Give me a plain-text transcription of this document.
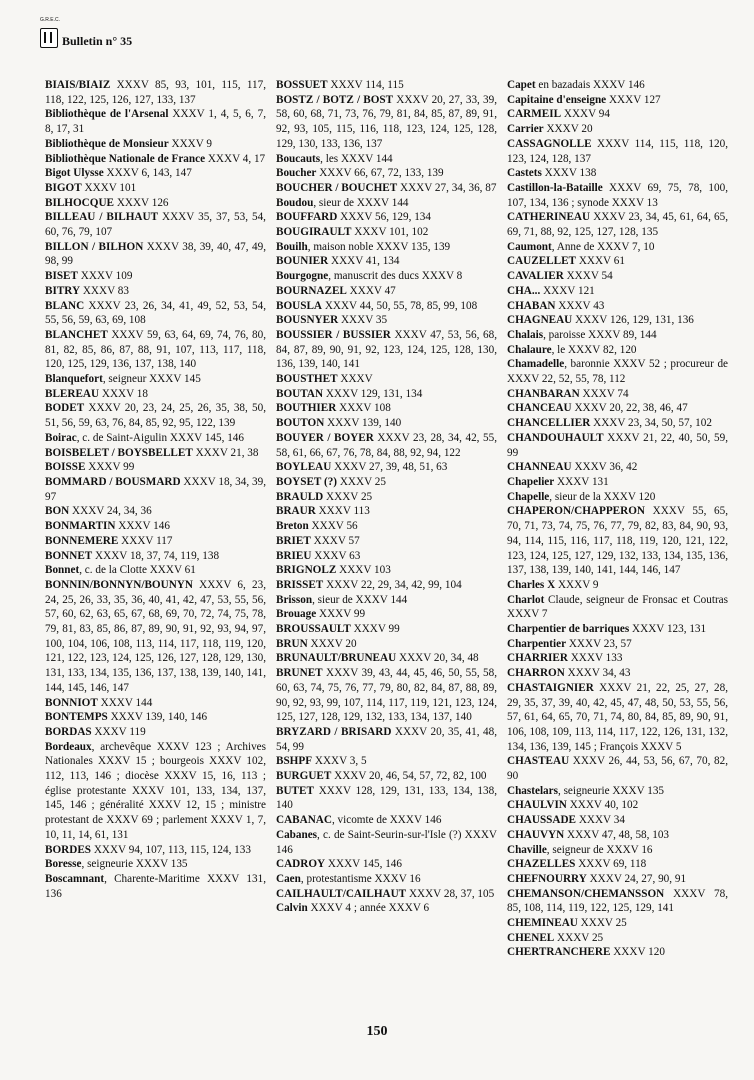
G.R.E.C.
Bulletin n° 35

BIAIS/BIAIZ XXXV 85, 93, 101, 115, 117, 118, 122, 125, 126, 127, 133, 137

Bibliothèque de l'Arsenal XXXV 1, 4, 5, 6, 7, 8, 17, 31

Bibliothèque de Monsieur XXXV 9

Bibliothèque Nationale de France XXXV 4, 17

Bigot Ulysse XXXV 6, 143, 147

BIGOT XXXV 101

BILHOCQUE XXXV 126

BILLEAU / BILHAUT XXXV 35, 37, 53, 54, 60, 76, 79, 107

BILLON / BILHON XXXV 38, 39, 40, 47, 49, 98, 99

BISET XXXV 109

BITRY XXXV 83

BLANC XXXV 23, 26, 34, 41, 49, 52, 53, 54, 55, 56, 59, 63, 69, 108

BLANCHET XXXV 59, 63, 64, 69, 74, 76, 80, 81, 82, 85, 86, 87, 88, 91, 107, 113, 117, 118, 120, 125, 129, 136, 137, 138, 140

Blanquefort, seigneur XXXV 145

BLEREAU XXXV 18

BODET XXXV 20, 23, 24, 25, 26, 35, 38, 50, 51, 56, 59, 63, 76, 84, 85, 92, 95, 122, 139

Boirac, c. de Saint-Aigulin XXXV 145, 146

BOISBELET / BOYSBELLET XXXV 21, 38

BOISSE XXXV 99

BOMMARD / BOUSMARD XXXV 18, 34, 39, 97

BON XXXV 24, 34, 36

BONMARTIN XXXV 146

BONNEMERE XXXV 117

BONNET XXXV 18, 37, 74, 119, 138

Bonnet, c. de la Clotte XXXV 61

BONNIN/BONNYN/BOUNYN XXXV 6, 23, 24, 25, 26, 33, 35, 36, 40, 41, 42, 47, 53, 55, 56, 57, 60, 62, 63, 65, 67, 68, 69, 70, 72, 74, 75, 78, 79, 81, 83, 85, 86, 87, 89, 90, 91, 92, 93, 94, 97, 100, 104, 106, 108, 113, 114, 117, 118, 119, 120, 121, 122, 123, 124, 125, 126, 127, 128, 129, 130, 131, 133, 134, 135, 136, 137, 138, 139, 140, 141, 144, 145, 146, 147

BONNIOT XXXV 144

BONTEMPS XXXV 139, 140, 146

BORDAS XXXV 119

Bordeaux, archevêque XXXV 123 ; Archives Nationales XXXV 15 ; bourgeois XXXV 102, 112, 113, 146 ; diocèse XXXV 15, 16, 113 ; église protestante XXXV 101, 133, 134, 137, 145, 146 ; généralité XXXV 12, 15 ; ministre protestant de XXXV 69 ; parlement XXXV 1, 7, 10, 11, 14, 61, 131

BORDES XXXV 94, 107, 113, 115, 124, 133

Boresse, seigneurie XXXV 135

Boscamnant, Charente-Maritime XXXV 131, 136

BOSSUET XXXV 114, 115

BOSTZ / BOTZ / BOST XXXV 20, 27, 33, 39, 58, 60, 68, 71, 73, 76, 79, 81, 84, 85, 87, 89, 91, 92, 93, 105, 115, 116, 118, 123, 124, 125, 128, 129, 130, 133, 136, 137

Boucauts, les XXXV 144

Boucher XXXV 66, 67, 72, 133, 139

BOUCHER / BOUCHET XXXV 27, 34, 36, 87

Boudou, sieur de XXXV 144

BOUFFARD XXXV 56, 129, 134

BOUGIRAULT XXXV 101, 102

Bouilh, maison noble XXXV 135, 139

BOUNIER XXXV 41, 134

Bourgogne, manuscrit des ducs XXXV 8

BOURNAZEL XXXV 47

BOUSLA XXXV 44, 50, 55, 78, 85, 99, 108

BOUSNYER XXXV 35

BOUSSIER / BUSSIER XXXV 47, 53, 56, 68, 84, 87, 89, 90, 91, 92, 123, 124, 125, 128, 130, 136, 139, 140, 141

BOUSTHET XXXV

BOUTAN XXXV 129, 131, 134

BOUTHIER XXXV 108

BOUTON XXXV 139, 140

BOUYER / BOYER XXXV 23, 28, 34, 42, 55, 58, 61, 66, 67, 76, 78, 84, 88, 92, 94, 122

BOYLEAU XXXV 27, 39, 48, 51, 63

BOYSET (?) XXXV 25

BRAULD XXXV 25

BRAUR XXXV 113

Breton XXXV 56

BRIET XXXV 57

BRIEU XXXV 63

BRIGNOLZ XXXV 103

BRISSET XXXV 22, 29, 34, 42, 99, 104

Brisson, sieur de XXXV 144

Brouage XXXV 99

BROUSSAULT XXXV 99

BRUN XXXV 20

BRUNAULT/BRUNEAU XXXV 20, 34, 48

BRUNET XXXV 39, 43, 44, 45, 46, 50, 55, 58, 60, 63, 74, 75, 76, 77, 79, 80, 82, 84, 87, 88, 89, 90, 92, 93, 99, 107, 114, 117, 119, 121, 123, 124, 125, 127, 128, 129, 132, 133, 134, 137, 140

BRYZARD / BRISARD XXXV 20, 35, 41, 48, 54, 99

BSHPF XXXV 3, 5

BURGUET XXXV 20, 46, 54, 57, 72, 82, 100

BUTET XXXV 128, 129, 131, 133, 134, 138, 140

CABANAC, vicomte de XXXV 146

Cabanes, c. de Saint-Seurin-sur-l'Isle (?) XXXV 146

CADROY XXXV 145, 146

Caen, protestantisme XXXV 16

CAILHAULT/CAILHAUT XXXV 28, 37, 105

Calvin XXXV 4 ; année XXXV 6

Capet en bazadais XXXV 146

Capitaine d'enseigne XXXV 127

CARMEIL XXXV 94

Carrier XXXV 20

CASSAGNOLLE XXXV 114, 115, 118, 120, 123, 124, 128, 137

Castets XXXV 138

Castillon-la-Bataille XXXV 69, 75, 78, 100, 107, 134, 136 ; synode XXXV 13

CATHERINEAU XXXV 23, 34, 45, 61, 64, 65, 69, 71, 88, 92, 125, 127, 128, 135

Caumont, Anne de XXXV 7, 10

CAUZELLET XXXV 61

CAVALIER XXXV 54

CHA... XXXV 121

CHABAN XXXV 43

CHAGNEAU XXXV 126, 129, 131, 136

Chalais, paroisse XXXV 89, 144

Chalaure, le XXXV 82, 120

Chamadelle, baronnie XXXV 52 ; procureur de XXXV 22, 52, 55, 78, 112

CHANBARAN XXXV 74

CHANCEAU XXXV 20, 22, 38, 46, 47

CHANCELLIER XXXV 23, 34, 50, 57, 102

CHANDOUHAULT XXXV 21, 22, 40, 50, 59, 99

CHANNEAU XXXV 36, 42

Chapelier XXXV 131

Chapelle, sieur de la XXXV 120

CHAPERON/CHAPPERON XXXV 55, 65, 70, 71, 73, 74, 75, 76, 77, 79, 82, 83, 84, 90, 93, 94, 114, 115, 116, 117, 118, 119, 120, 121, 122, 123, 124, 125, 127, 129, 132, 133, 134, 135, 136, 137, 138, 139, 140, 141, 144, 146, 147

Charles X XXXV 9

Charlot Claude, seigneur de Fronsac et Coutras XXXV 7

Charpentier de barriques XXXV 123, 131

Charpentier XXXV 23, 57

CHARRIER XXXV 133

CHARRON XXXV 34, 43

CHASTAIGNIER XXXV 21, 22, 25, 27, 28, 29, 35, 37, 39, 40, 42, 45, 47, 48, 50, 53, 55, 56, 57, 61, 64, 65, 70, 71, 74, 80, 84, 85, 89, 90, 91, 106, 108, 109, 113, 114, 117, 122, 126, 131, 132, 134, 136, 139, 145 ; François XXXV 5

CHASTEAU XXXV 26, 44, 53, 56, 67, 70, 82, 90

Chastelars, seigneurie XXXV 135

CHAULVIN XXXV 40, 102

CHAUSSADE XXXV 34

CHAUVYN XXXV 47, 48, 58, 103

Chaville, seigneur de XXXV 16

CHAZELLES XXXV 69, 118

CHEFNOURRY XXXV 24, 27, 90, 91

CHEMANSON/CHEMANSSON XXXV 78, 85, 108, 114, 119, 122, 125, 129, 141

CHEMINEAU XXXV 25

CHENEL XXXV 25

CHERTRANCHERE XXXV 120

150
